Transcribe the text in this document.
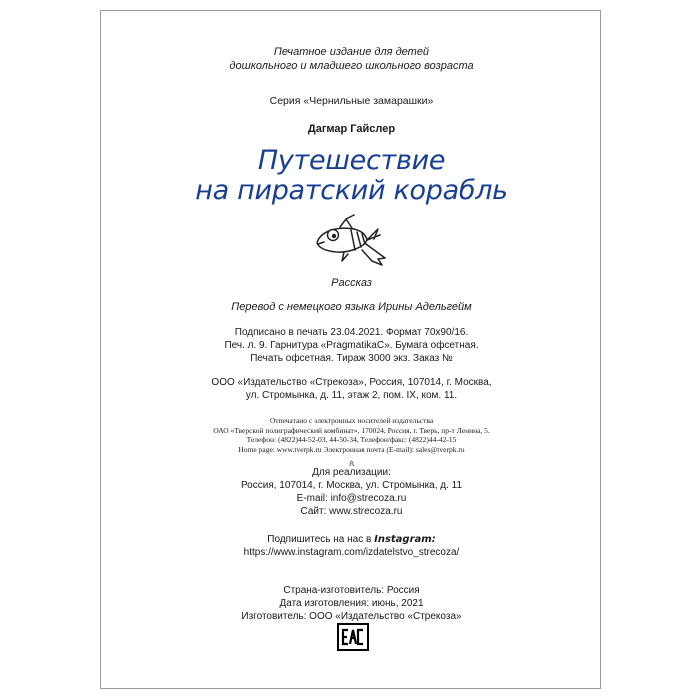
Печатное издание для детей
дошкольного и младшего школьного возраста
Серия «Чернильные замарашки»
Дагмар Гайслер
Путешествие
на пиратский корабль
Рассказ
Перевод с немецкого языка Ирины Адельгейм
Подписано в печать 23.04.2021. Формат 70x90/16.
Печ. л. 9. Гарнитура «PragmatikaC». Бумага офсетная.
Печать офсетная. Тираж 3000 экз. Заказ №
ООО «Издательство «Стрекоза», Россия, 107014, г. Москва,
ул. Стромынка, д. 11, этаж 2, пом. IX, ком. 11.
Отпечатано с электронных носителей издательства
ОАО «Тверской полиграфический комбинат», 170024, Россия, г. Тверь, пр-т Ленина, 5.
Телефон: (4822)44-52-03, 44-50-34, Телефон/факс: (4822)44-42-15
Home page: www.tverpk.ru Электронная почта (E-mail): sales@tverpk.ru
ጰ
Для реализации:
Россия, 107014, г. Москва, ул. Стромынка, д. 11
E-mail: info@strecoza.ru
Сайт: www.strecoza.ru
Подпишитесь на нас в Instagram:
https://www.instagram.com/izdatelstvo_strecoza/
Страна-изготовитель: Россия
Дата изготовления: июнь, 2021
Изготовитель: ООО «Издательство «Стрекоза»
